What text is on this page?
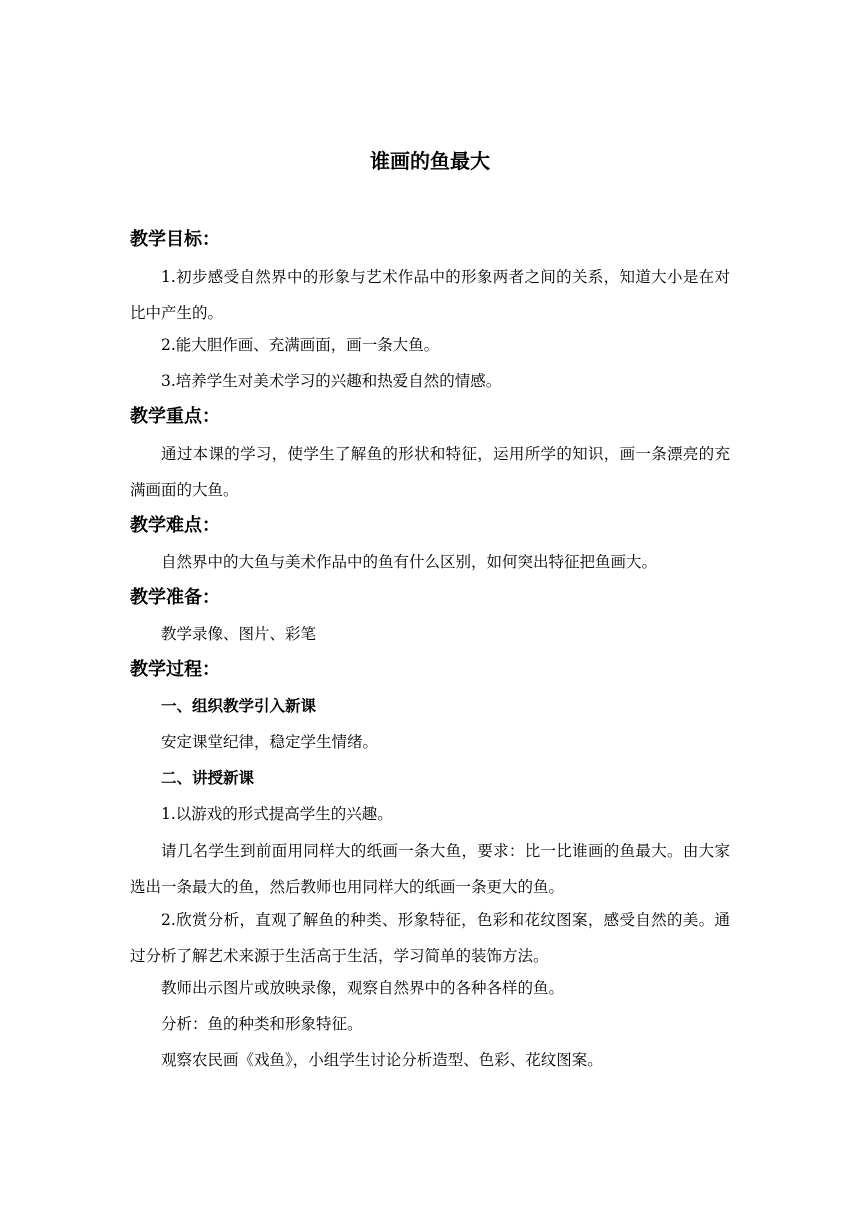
谁画的鱼最大
教学目标：

1.初步感受自然界中的形象与艺术作品中的形象两者之间的关系，知道大小是在对比中产生的。

2.能大胆作画、充满画面，画一条大鱼。

3.培养学生对美术学习的兴趣和热爱自然的情感。

教学重点：

通过本课的学习，使学生了解鱼的形状和特征，运用所学的知识，画一条漂亮的充满画面的大鱼。

教学难点：

自然界中的大鱼与美术作品中的鱼有什么区别，如何突出特征把鱼画大。

教学准备：

教学录像、图片、彩笔

教学过程：

一、组织教学引入新课

安定课堂纪律，稳定学生情绪。

二、讲授新课

1.以游戏的形式提高学生的兴趣。

请几名学生到前面用同样大的纸画一条大鱼，要求：比一比谁画的鱼最大。由大家选出一条最大的鱼，然后教师也用同样大的纸画一条更大的鱼。

2.欣赏分析，直观了解鱼的种类、形象特征，色彩和花纹图案，感受自然的美。通过分析了解艺术来源于生活高于生活，学习简单的装饰方法。

教师出示图片或放映录像，观察自然界中的各种各样的鱼。

分析：鱼的种类和形象特征。

观察农民画《戏鱼》，小组学生讨论分析造型、色彩、花纹图案。
